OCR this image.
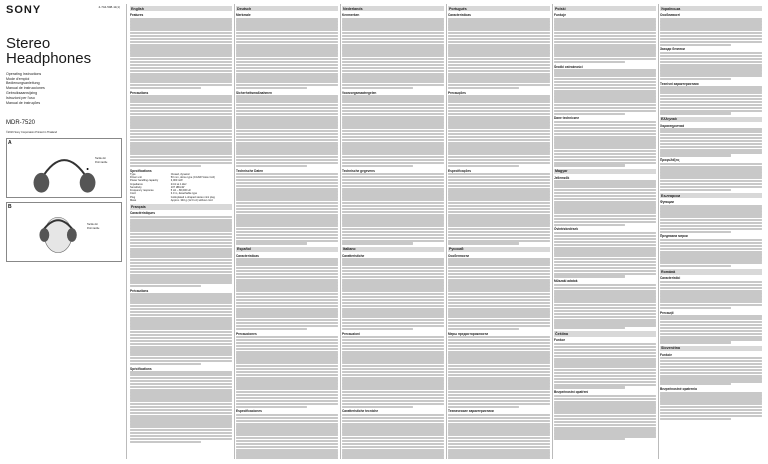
SONY	4-744-508-11(1)
Stereo
Headphones
Operating Instructions
Mode d'emploi
Bedienungsanleitung
Manual de instrucciones
Gebruiksaanwijzing
Istruzioni per l'uso
Manual de instruções
MDR-7520
©2016 Sony Corporation Printed in Thailand
A
Tactile dot
Point tactile
B
Tactile dot
Point tactile
English
Features
Precautions
Specifications
Type	Closed, dynamic
Driver unit	50 mm, dome type (CCAW Voice Coil)
Power handling capacity	3,000 mW
Impedance	24 Ω at 1 kHz
Sensitivity	107 dB/mW
Frequency response	5 Hz – 80,000 Hz
Cord	3.0 m, detachable type
Plug	Gold-plated L-shaped stereo mini plug
Mass	Approx. 340 g (12.0 oz) without cord
Français
Caractéristiques
Précautions
Spécifications
Deutsch
Merkmale
Sicherheitsmaßnahmen
Technische Daten
Español
Características
Precauciones
Especificaciones
Nederlands
Kenmerken
Voorzorgsmaatregelen
Technische gegevens
Italiano
Caratteristiche
Precauzioni
Caratteristiche tecniche
Português
Características
Precauções
Especificações
Русский
Особенности
Меры предосторожности
Технические характеристики
Polski
Funkcje
Środki ostrożności
Dane techniczne
Magyar
Jellemzők
Óvintézkedések
Műszaki adatok
Čeština
Funkce
Bezpečnostní opatření
Українська
Особливості
Заходи безпеки
Технічні характеристики
Ελληνικά
Χαρακτηριστικά
Προφυλάξεις
Български
Функции
Предпазни мерки
Română
Caracteristici
Precauţii
Slovenčina
Funkcie
Bezpečnostné opatrenia
